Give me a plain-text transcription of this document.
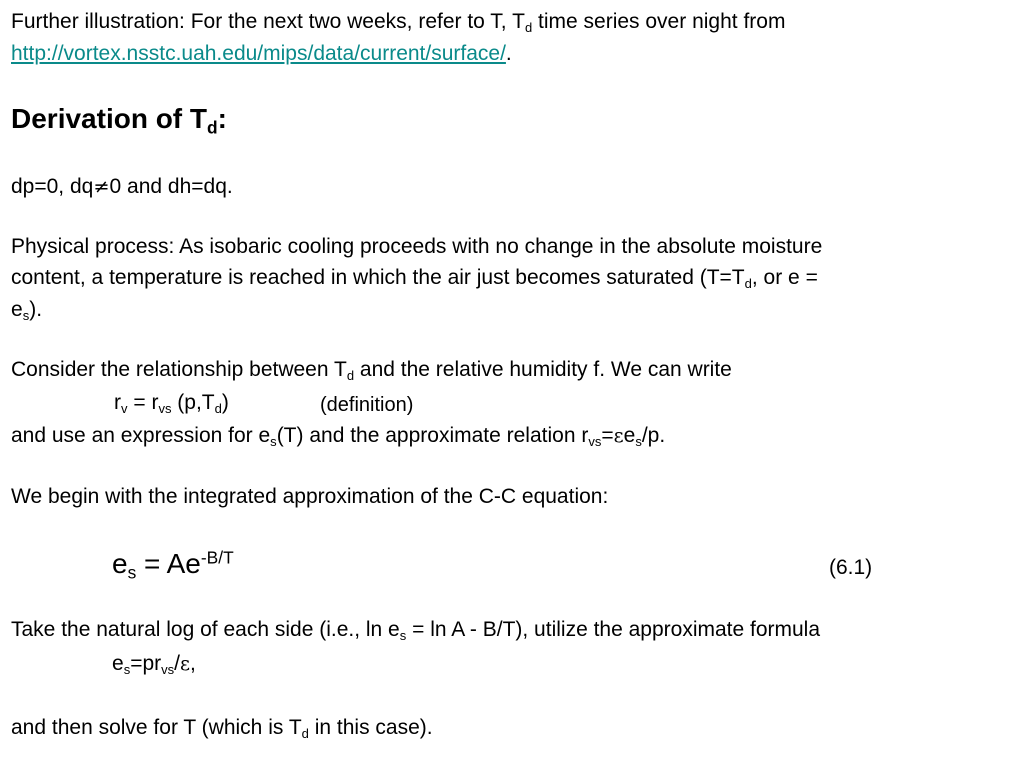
Further illustration: For the next two weeks, refer to T, $T_d$ time series over night from
http://vortex.nsstc.uah.edu/mips/data/current/surface/.
Derivation of $T_d$:
dp=0, dq≠0 and dh=dq.
Physical process: As isobaric cooling proceeds with no change in the absolute moisture
content, a temperature is reached in which the air just becomes saturated ($T=T_d$, or e =
$e_s$).
Consider the relationship between $T_d$ and the relative humidity f. We can write
$r_v = r_{vs}$ $(p,T_d)$	(definition)
and use an expression for $e_s(T)$ and the approximate relation $r_{vs}=\varepsilon e_s/p$.
We begin with the integrated approximation of the C-C equation:
$e_s = Ae^{-B/T}$	(6.1)
Take the natural log of each side (i.e., $\ln e_s = \ln A - B/T$), utilize the approximate formula
$e_s=pr_{vs}/\varepsilon$,
and then solve for T (which is $T_d$ in this case).
